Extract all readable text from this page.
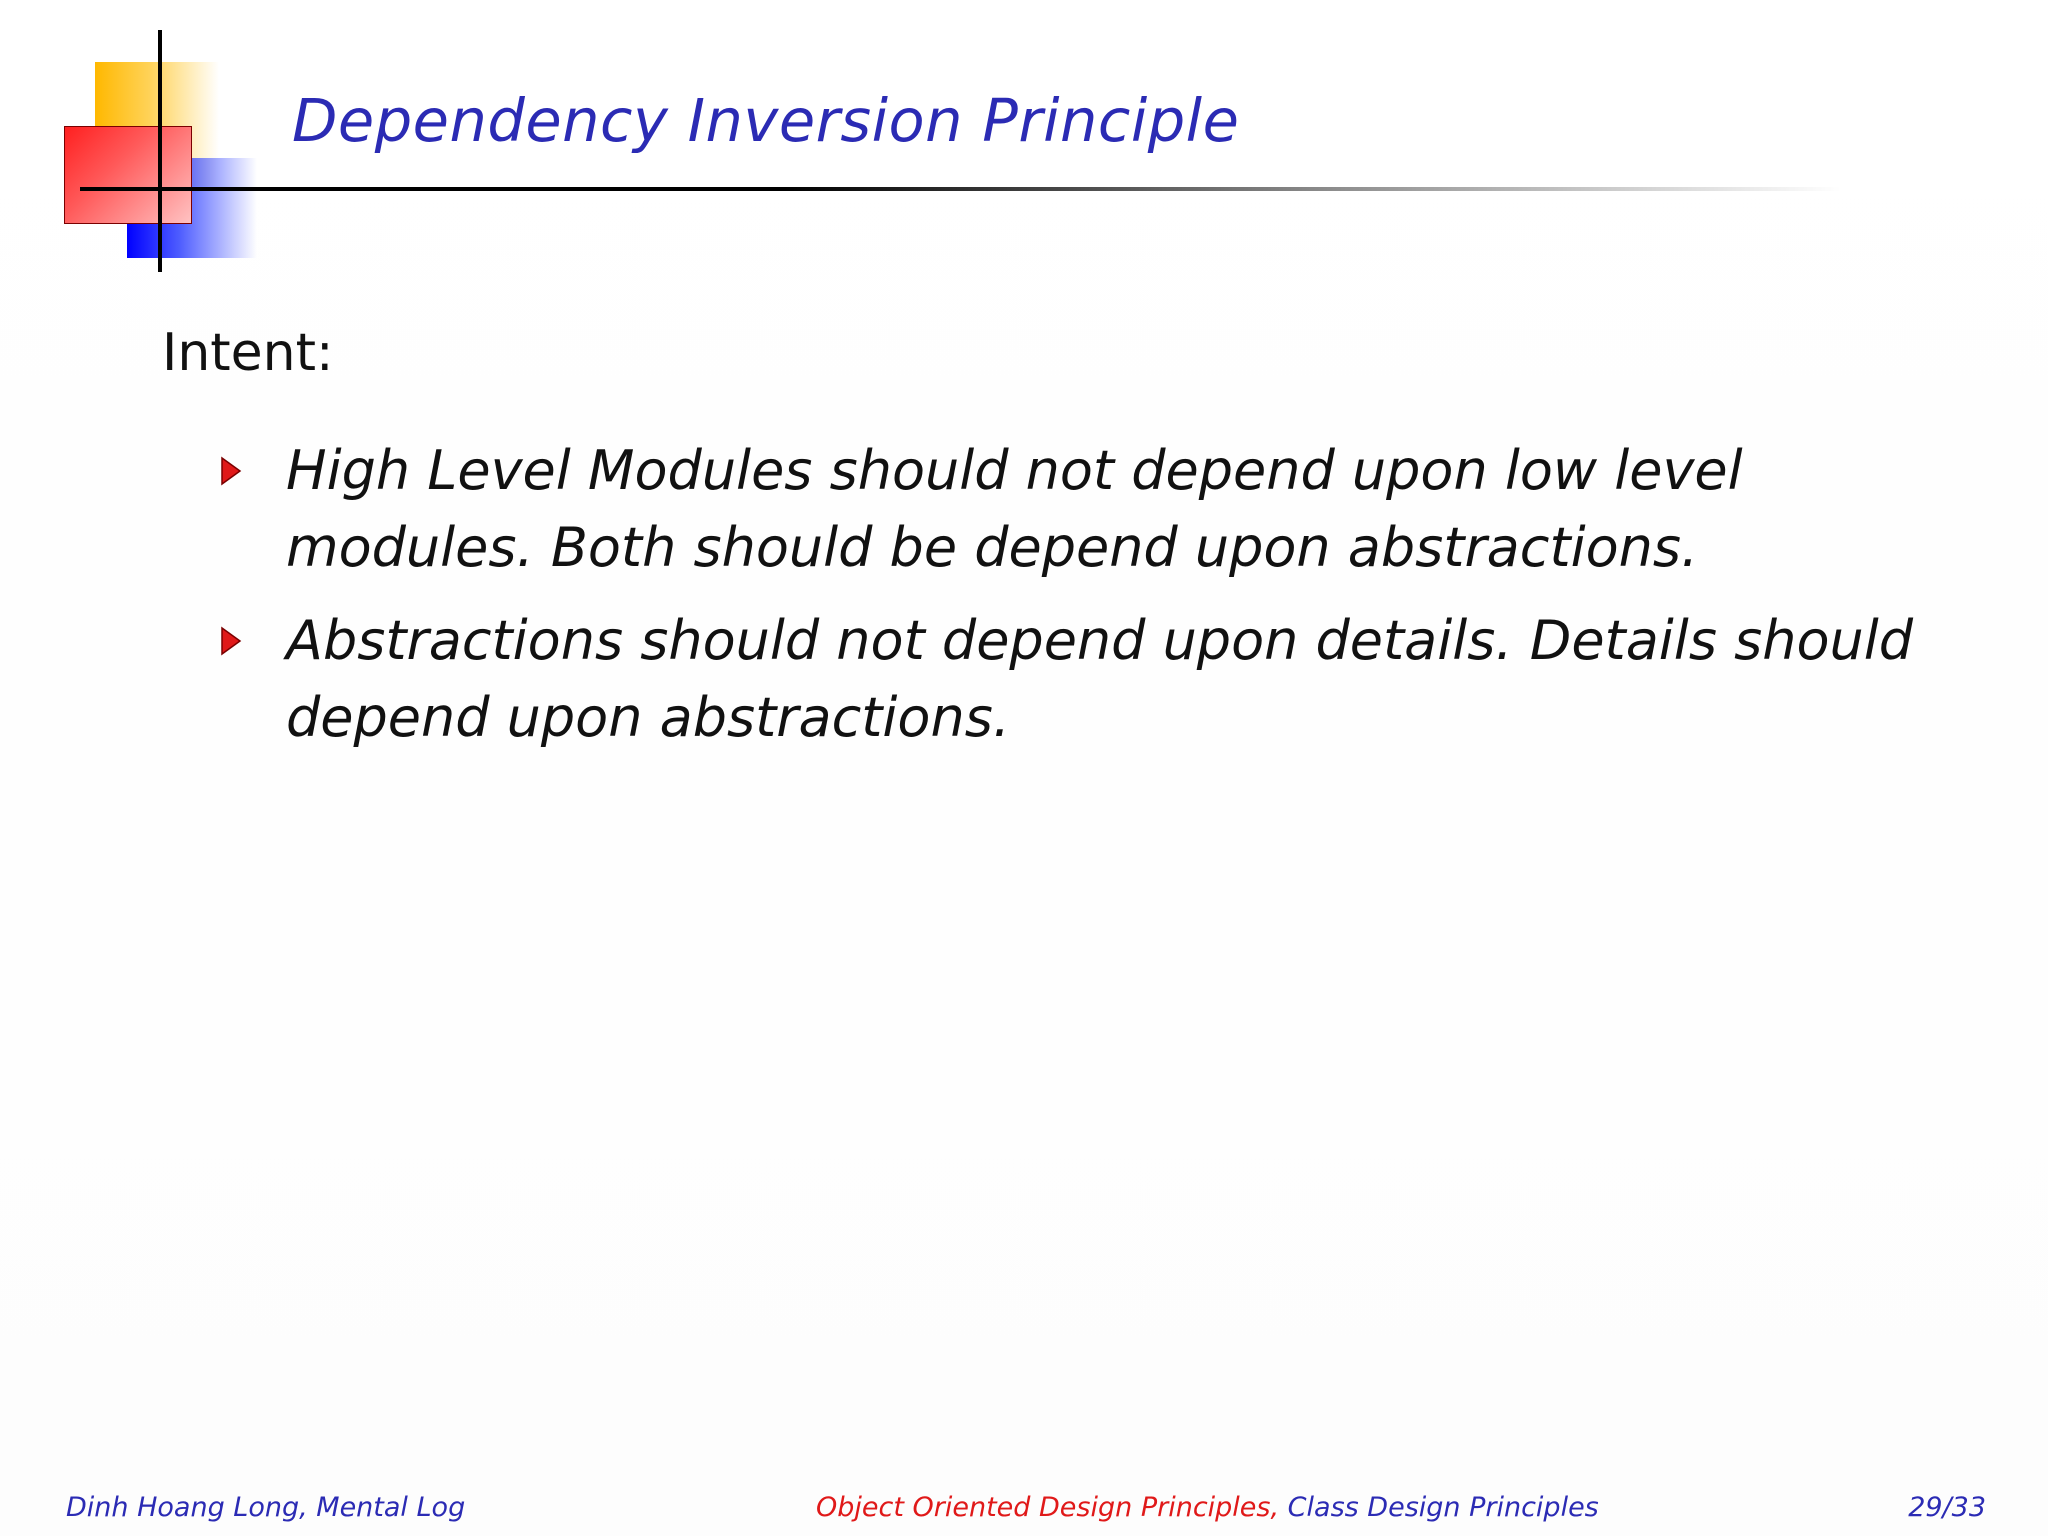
Dependency Inversion Principle
Intent:
High Level Modules should not depend upon low level modules. Both should be depend upon abstractions.
Abstractions should not depend upon details. Details should depend upon abstractions.
Dinh Hoang Long, Mental Log	Object Oriented Design Principles, Class Design Principles	29/33
